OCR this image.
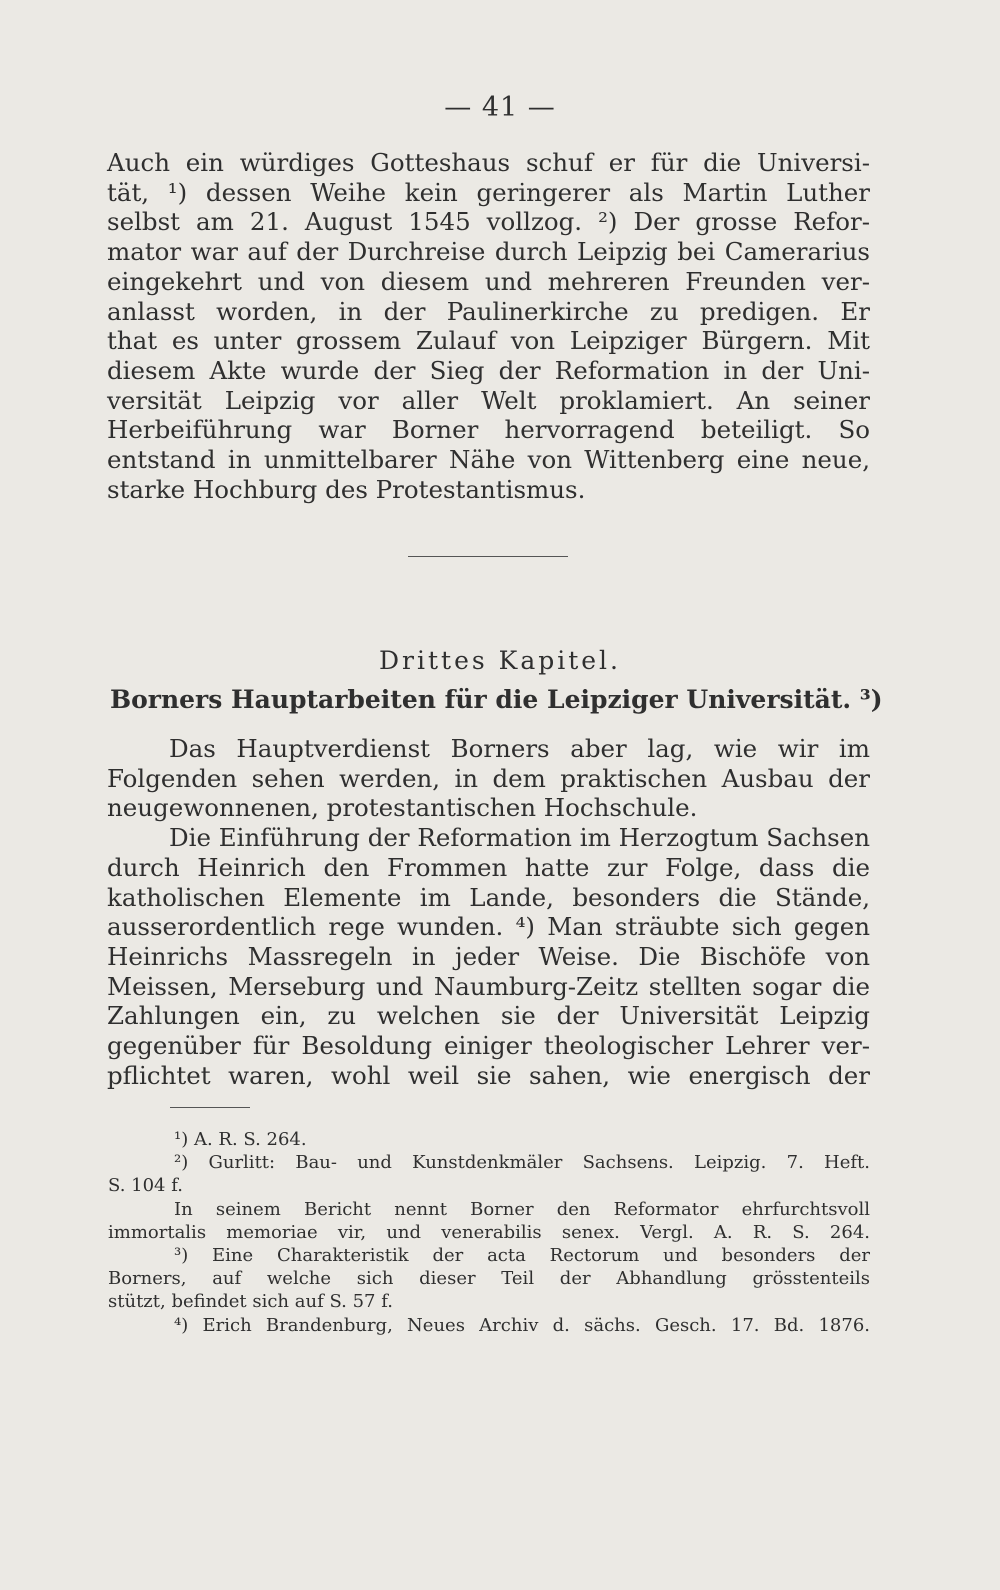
— 41 —
Auch ein würdiges Gotteshaus schuf er für die Universi-
tät, ¹) dessen Weihe kein geringerer als Martin Luther
selbst am 21. August 1545 vollzog. ²) Der grosse Refor-
mator war auf der Durchreise durch Leipzig bei Camerarius
eingekehrt und von diesem und mehreren Freunden ver-
anlasst worden, in der Paulinerkirche zu predigen. Er
that es unter grossem Zulauf von Leipziger Bürgern. Mit
diesem Akte wurde der Sieg der Reformation in der Uni-
versität Leipzig vor aller Welt proklamiert. An seiner
Herbeiführung war Borner hervorragend beteiligt. So
entstand in unmittelbarer Nähe von Wittenberg eine neue,
starke Hochburg des Protestantismus.
Drittes Kapitel.
Borners Hauptarbeiten für die Leipziger Universität. ³)
Das Hauptverdienst Borners aber lag, wie wir im
Folgenden sehen werden, in dem praktischen Ausbau der
neugewonnenen, protestantischen Hochschule.
Die Einführung der Reformation im Herzogtum Sachsen
durch Heinrich den Frommen hatte zur Folge, dass die
katholischen Elemente im Lande, besonders die Stände,
ausserordentlich rege wunden. ⁴) Man sträubte sich gegen
Heinrichs Massregeln in jeder Weise. Die Bischöfe von
Meissen, Merseburg und Naumburg-Zeitz stellten sogar die
Zahlungen ein, zu welchen sie der Universität Leipzig
gegenüber für Besoldung einiger theologischer Lehrer ver-
pflichtet waren, wohl weil sie sahen, wie energisch der
¹) A. R. S. 264.
²) Gurlitt: Bau- und Kunstdenkmäler Sachsens. Leipzig. 7. Heft.
S. 104 f.
In seinem Bericht nennt Borner den Reformator ehrfurchtsvoll
immortalis memoriae vir, und venerabilis senex. Vergl. A. R. S. 264.
³) Eine Charakteristik der acta Rectorum und besonders der
Borners, auf welche sich dieser Teil der Abhandlung grösstenteils
stützt, befindet sich auf S. 57 f.
⁴) Erich Brandenburg, Neues Archiv d. sächs. Gesch. 17. Bd. 1876.
